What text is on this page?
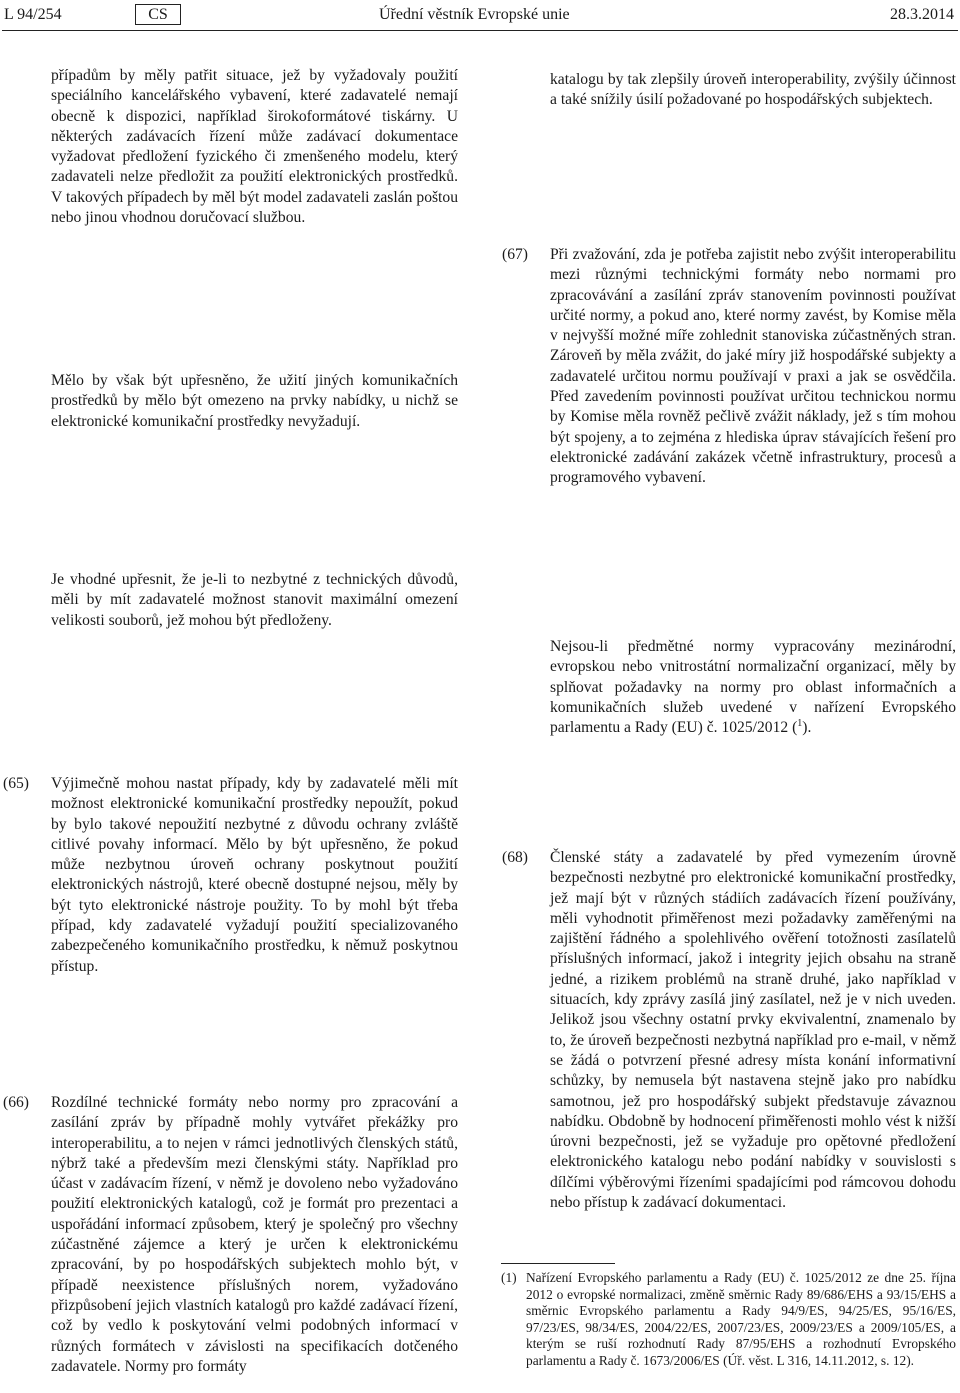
L 94/254	CS	Úřední věstník Evropské unie	28.3.2014

případům by měly patřit situace, jež by vyžadovaly použití speciálního kancelářského vybavení, které zadavatelé nemají obecně k dispozici, například širokoformátové tiskárny. U některých zadávacích řízení může zadávací dokumentace vyžadovat předložení fyzického či zmenšeného modelu, který zadavateli nelze předložit za použití elektronických prostředků. V takových případech by měl být model zadavateli zaslán poštou nebo jinou vhodnou doručovací službou.

Mělo by však být upřesněno, že užití jiných komunikačních prostředků by mělo být omezeno na prvky nabídky, u nichž se elektronické komunikační prostředky nevyžadují.

Je vhodné upřesnit, že je-li to nezbytné z technických důvodů, měli by mít zadavatelé možnost stanovit maximální omezení velikosti souborů, jež mohou být předloženy.

(65) Výjimečně mohou nastat případy, kdy by zadavatelé měli mít možnost elektronické komunikační prostředky nepoužít, pokud by bylo takové nepoužití nezbytné z důvodu ochrany zvláště citlivé povahy informací. Mělo by být upřesněno, že pokud může nezbytnou úroveň ochrany poskytnout použití elektronických nástrojů, které obecně dostupné nejsou, měly by být tyto elektronické nástroje použity. To by mohl být třeba případ, kdy zadavatelé vyžadují použití specializovaného zabezpečeného komunikačního prostředku, k němuž poskytnou přístup.

(66) Rozdílné technické formáty nebo normy pro zpracování a zasílání zpráv by případně mohly vytvářet překážky pro interoperabilitu, a to nejen v rámci jednotlivých členských států, nýbrž také a především mezi členskými státy. Například pro účast v zadávacím řízení, v němž je dovoleno nebo vyžadováno použití elektronických katalogů, což je formát pro prezentaci a uspořádání informací způsobem, který je společný pro všechny zúčastněné zájemce a který je určen k elektronickému zpracování, by po hospodářských subjektech mohlo být, v případě neexistence příslušných norem, vyžadováno přizpůsobení jejich vlastních katalogů pro každé zadávací řízení, což by vedlo k poskytování velmi podobných informací v různých formátech v závislosti na specifikacích dotčeného zadavatele. Normy pro formáty

katalogu by tak zlepšily úroveň interoperability, zvýšily účinnost a také snížily úsilí požadované po hospodářských subjektech.

(67) Při zvažování, zda je potřeba zajistit nebo zvýšit interoperabilitu mezi různými technickými formáty nebo normami pro zpracovávání a zasílání zpráv stanovením povinnosti používat určité normy, a pokud ano, které normy zavést, by Komise měla v nejvyšší možné míře zohlednit stanoviska zúčastněných stran. Zároveň by měla zvážit, do jaké míry již hospodářské subjekty a zadavatelé určitou normu používají v praxi a jak se osvědčila. Před zavedením povinnosti používat určitou technickou normu by Komise měla rovněž pečlivě zvážit náklady, jež s tím mohou být spojeny, a to zejména z hlediska úprav stávajících řešení pro elektronické zadávání zakázek včetně infrastruktury, procesů a programového vybavení.

Nejsou-li předmětné normy vypracovány mezinárodní, evropskou nebo vnitrostátní normalizační organizací, měly by splňovat požadavky na normy pro oblast informačních a komunikačních služeb uvedené v nařízení Evropského parlamentu a Rady (EU) č. 1025/2012 ($^1$).

(68) Členské státy a zadavatelé by před vymezením úrovně bezpečnosti nezbytné pro elektronické komunikační prostředky, jež mají být v různých stádiích zadávacích řízení používány, měli vyhodnotit přiměřenost mezi požadavky zaměřenými na zajištění řádného a spolehlivého ověření totožnosti zasílatelů příslušných informací, jakož i integrity jejich obsahu na straně jedné, a rizikem problémů na straně druhé, jako například v situacích, kdy zprávy zasílá jiný zasílatel, než je v nich uveden. Jelikož jsou všechny ostatní prvky ekvivalentní, znamenalo by to, že úroveň bezpečnosti nezbytná například pro e-mail, v němž se žádá o potvrzení přesné adresy místa konání informativní schůzky, by nemusela být nastavena stejně jako pro nabídku samotnou, jež pro hospodářský subjekt představuje závaznou nabídku. Obdobně by hodnocení přiměřenosti mohlo vést k nižší úrovni bezpečnosti, jež se vyžaduje pro opětovné předložení elektronického katalogu nebo podání nabídky v souvislosti s dílčími výběrovými řízeními spadajícími pod rámcovou dohodu nebo přístup k zadávací dokumentaci.

(1) Nařízení Evropského parlamentu a Rady (EU) č. 1025/2012 ze dne 25. října 2012 o evropské normalizaci, změně směrnic Rady 89/686/EHS a 93/15/EHS a směrnic Evropského parlamentu a Rady 94/9/ES, 94/25/ES, 95/16/ES, 97/23/ES, 98/34/ES, 2004/22/ES, 2007/23/ES, 2009/23/ES a 2009/105/ES, a kterým se ruší rozhodnutí Rady 87/95/EHS a rozhodnutí Evropského parlamentu a Rady č. 1673/2006/ES (Úř. věst. L 316, 14.11.2012, s. 12).
